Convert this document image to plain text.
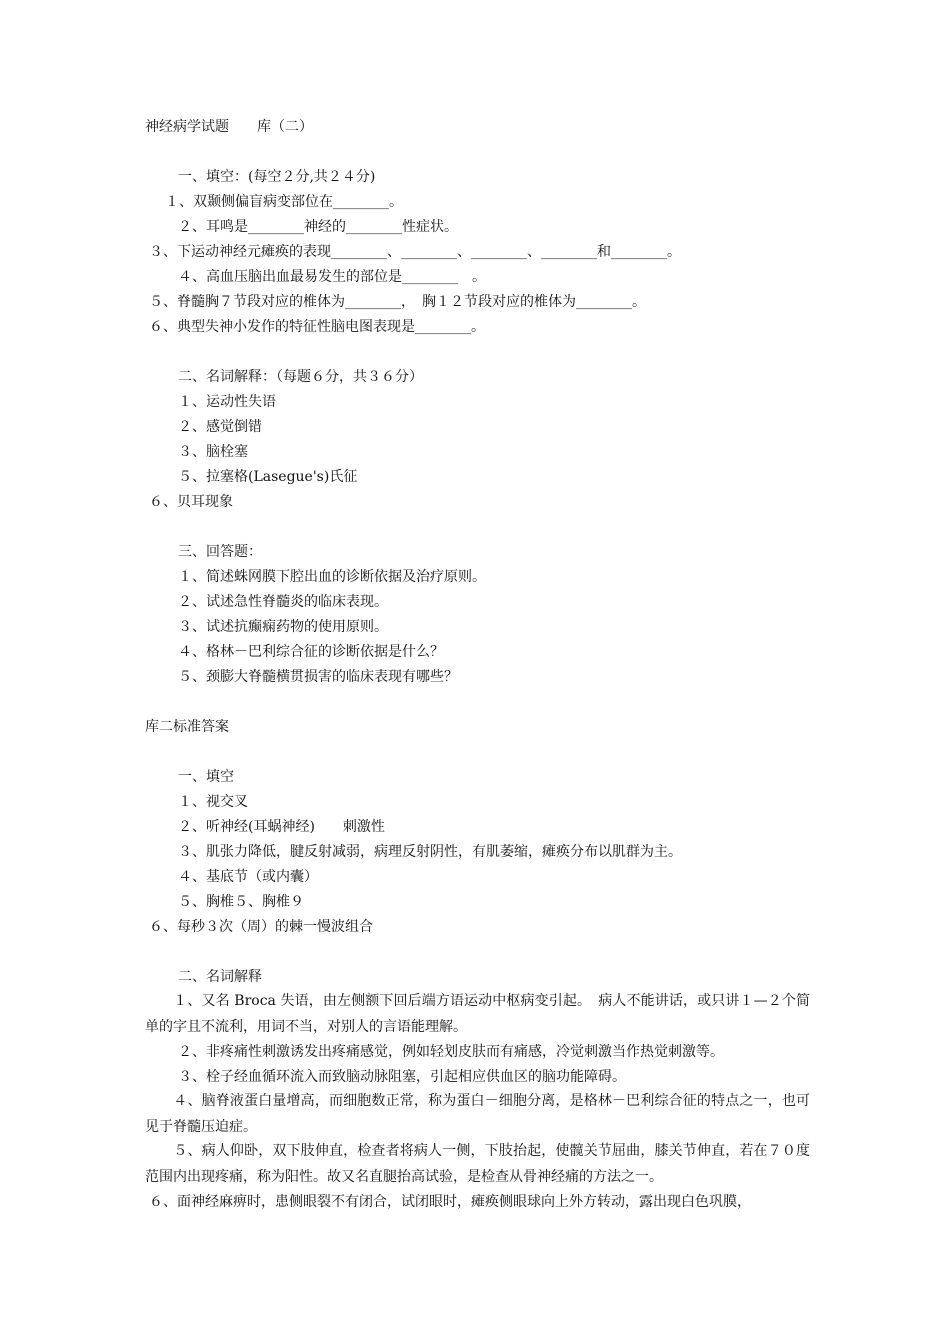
神经病学试题　　库（二）
一、填空：(每空２分,共２４分)
１、双颞侧偏盲病变部位在________。
２、耳鸣是________神经的________性症状。
３、下运动神经元瘫痪的表现________、________、________、________和________。
４、高血压脑出血最易发生的部位是________　。
５、脊髓胸７节段对应的椎体为________，　胸１２节段对应的椎体为________。
６、典型失神小发作的特征性脑电图表现是________。
二、名词解释：（每题６分，共３６分）
１、运动性失语
２、感觉倒错
３、脑栓塞
５、拉塞格(Lasegue's)氏征
６、贝耳现象
三、回答题：
１、简述蛛网膜下腔出血的诊断依据及治疗原则。
２、试述急性脊髓炎的临床表现。
３、试述抗癫痫药物的使用原则。
４、格林－巴利综合征的诊断依据是什么？
５、颈膨大脊髓横贯损害的临床表现有哪些？
库二标准答案
一、填空
１、视交叉
２、听神经(耳蜗神经)　　刺激性
３、肌张力降低，腱反射减弱，病理反射阴性，有肌萎缩，瘫痪分布以肌群为主。
４、基底节（或内囊）
５、胸椎５、胸椎９
６、每秒３次（周）的棘一慢波组合
二、名词解释
　　１、又名 Broca 失语，由左侧额下回后端方语运动中枢病变引起。　病人不能讲话，或只讲１—２个简单的字且不流利，用词不当，对别人的言语能理解。
２、非疼痛性刺激诱发出疼痛感觉，例如轻划皮肤而有痛感，冷觉刺激当作热觉刺激等。
３、栓子经血循环流入而致脑动脉阻塞，引起相应供血区的脑功能障碍。
　　４、脑脊液蛋白量增高，而细胞数正常，称为蛋白－细胞分离，是格林－巴利综合征的特点之一，也可见于脊髓压迫症。
　　５、病人仰卧，双下肢伸直，检查者将病人一侧，下肢抬起，使髋关节屈曲，膝关节伸直，若在７０度范围内出现疼痛，称为阳性。故又名直腿抬高试验，是检查从骨神经痛的方法之一。
６、面神经麻痹时，患侧眼裂不有闭合，试闭眼时，瘫痪侧眼球向上外方转动，露出现白色巩膜，
